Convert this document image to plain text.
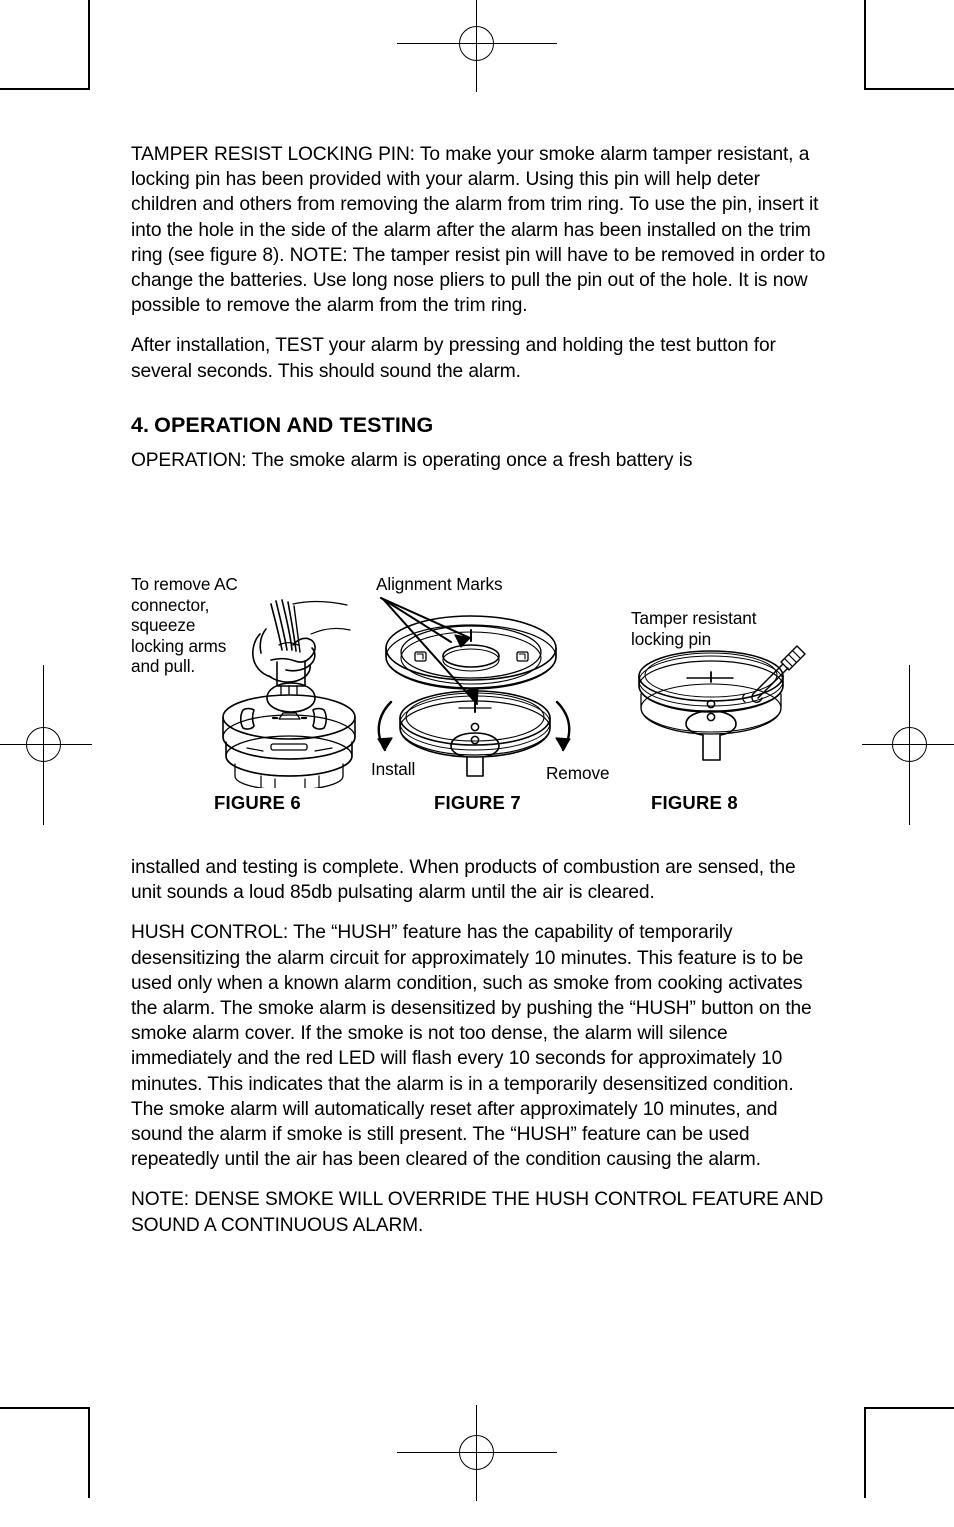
TAMPER RESIST LOCKING PIN: To make your smoke alarm tamper resistant, a locking pin has been provided with your alarm. Using this pin will help deter children and others from removing the alarm from trim ring. To use the pin, insert it into the hole in the side of the alarm after the alarm has been installed on the trim ring (see figure 8). NOTE: The tamper resist pin will have to be removed in order to change the batteries. Use long nose pliers to pull the pin out of the hole. It is now possible to remove the alarm from the trim ring.

After installation, TEST your alarm by pressing and holding the test button for several seconds. This should sound the alarm.

4. OPERATION AND TESTING

OPERATION: The smoke alarm is operating once a fresh battery is

To remove AC connector, squeeze locking arms and pull.
FIGURE 6
Alignment Marks
Install	Remove
FIGURE 7
Tamper resistant locking pin
FIGURE 8

installed and testing is complete. When products of combustion are sensed, the unit sounds a loud 85db pulsating alarm until the air is cleared.

HUSH CONTROL: The “HUSH” feature has the capability of temporarily desensitizing the alarm circuit for approximately 10 minutes. This feature is to be used only when a known alarm condition, such as smoke from cooking activates the alarm. The smoke alarm is desensitized by pushing the “HUSH” button on the smoke alarm cover. If the smoke is not too dense, the alarm will silence immediately and the red LED will flash every 10 seconds for approximately 10 minutes. This indicates that the alarm is in a temporarily desensitized condition. The smoke alarm will automatically reset after approximately 10 minutes, and sound the alarm if smoke is still present. The “HUSH” feature can be used repeatedly until the air has been cleared of the condition causing the alarm.

NOTE: DENSE SMOKE WILL OVERRIDE THE HUSH CONTROL FEATURE AND SOUND A CONTINUOUS ALARM.
